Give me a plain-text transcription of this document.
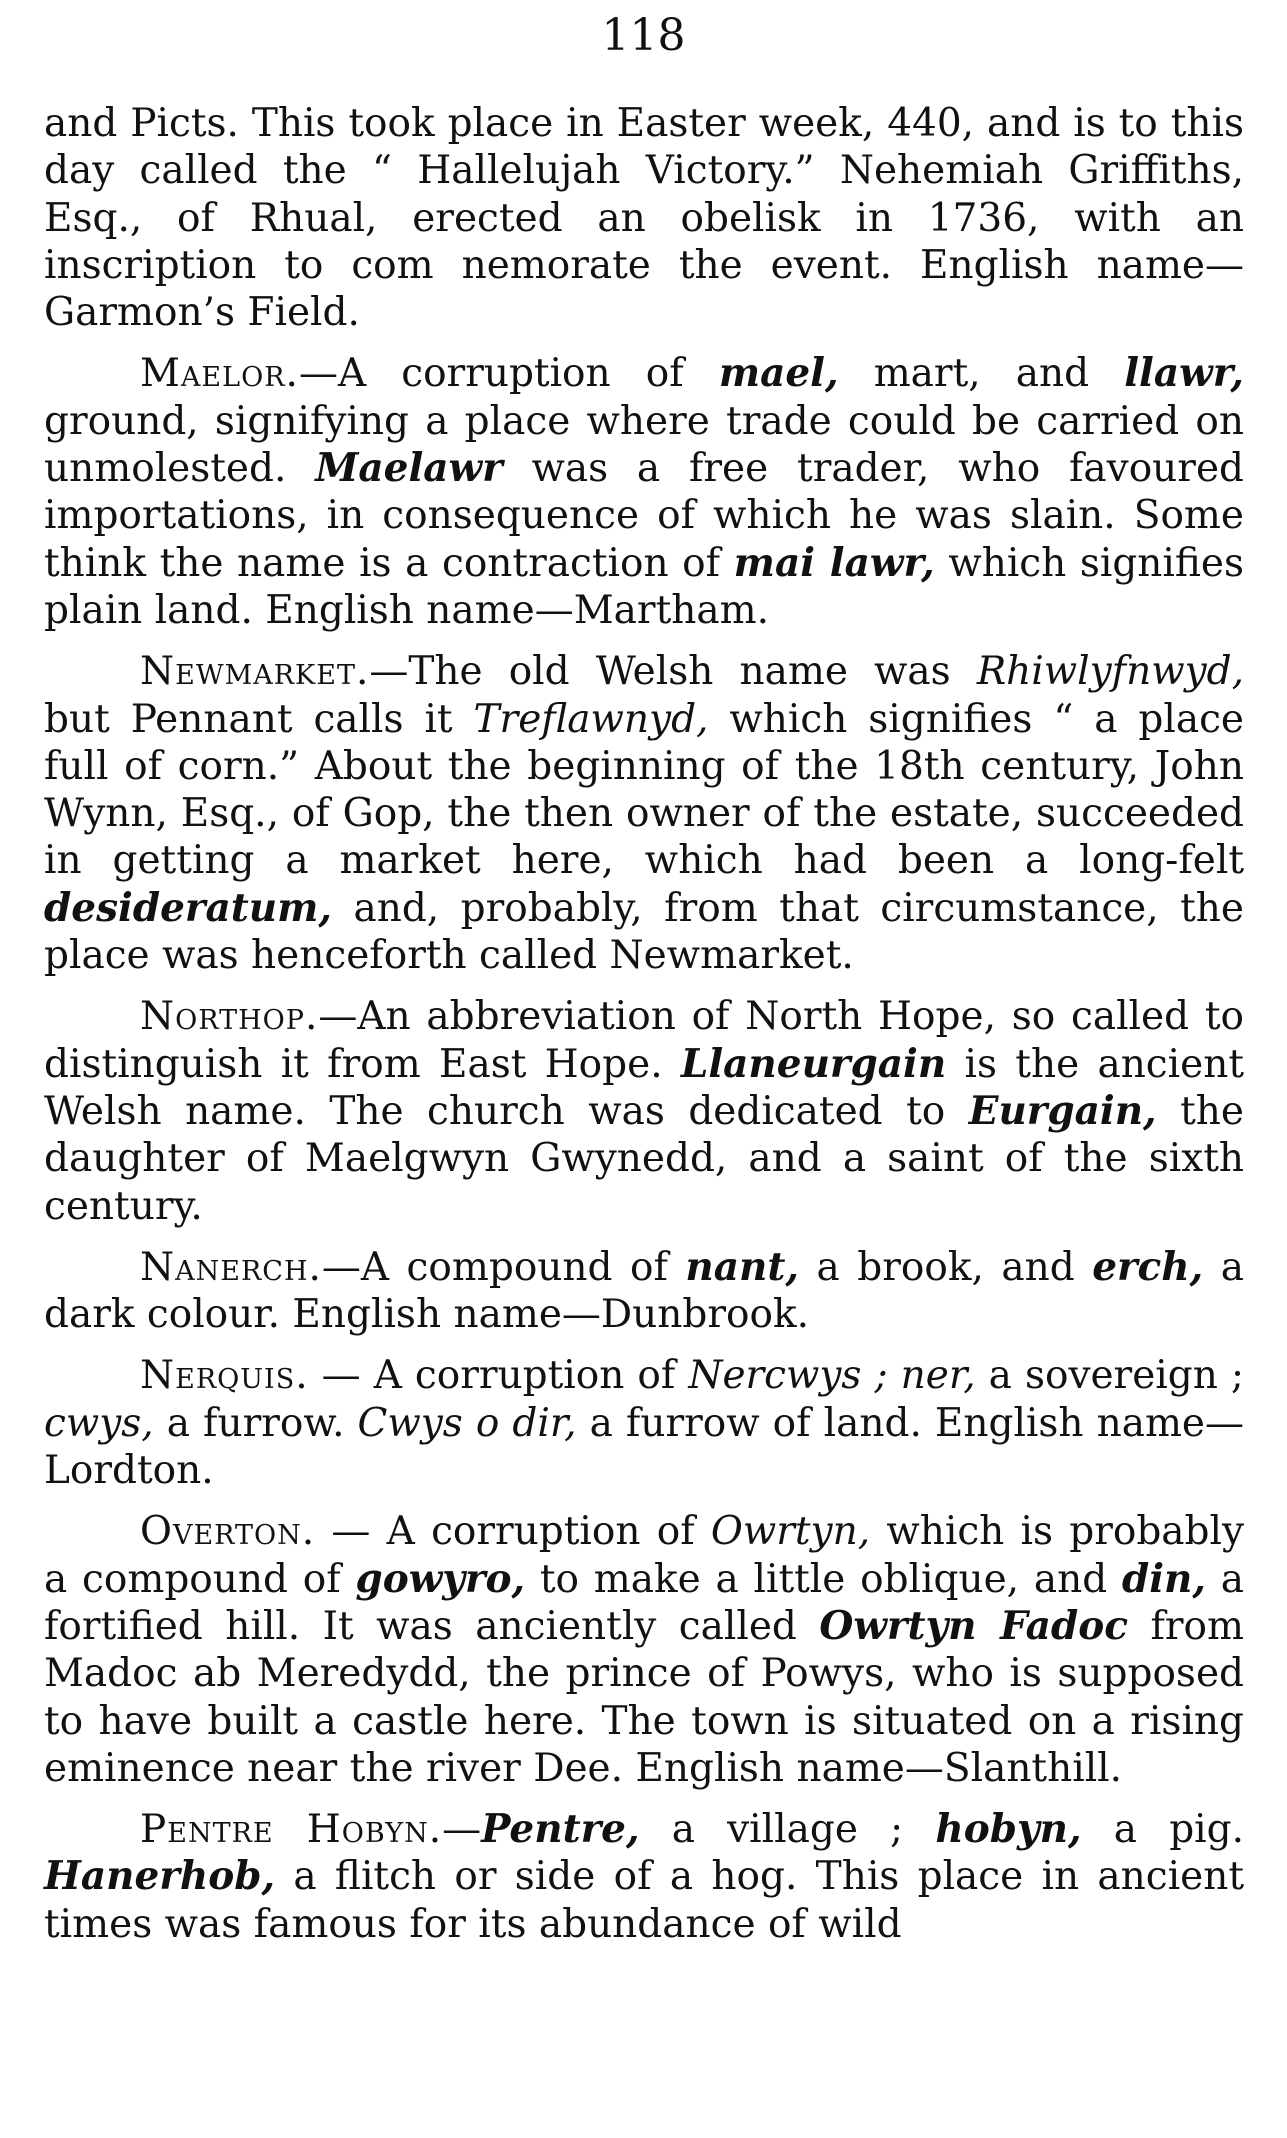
118

and Picts. This took place in Easter week, 440, and is to this day called the “ Hallelujah Victory.” Nehemiah Griffiths, Esq., of Rhual, erected an obelisk in 1736, with an inscription to com nemorate the event. English name—Garmon’s Field.

Maelor.—A corruption of mael, mart, and llawr, ground, signifying a place where trade could be carried on unmolested. Maelawr was a free trader, who favoured importations, in consequence of which he was slain. Some think the name is a contraction of mai lawr, which signifies plain land. English name—Martham.

Newmarket.—The old Welsh name was Rhiwlyfnwyd, but Pennant calls it Treflawnyd, which signifies “ a place full of corn.” About the beginning of the 18th century, John Wynn, Esq., of Gop, the then owner of the estate, succeeded in getting a market here, which had been a long-felt desideratum, and, probably, from that circumstance, the place was henceforth called Newmarket.

Northop.—An abbreviation of North Hope, so called to distinguish it from East Hope. Llaneurgain is the ancient Welsh name. The church was dedicated to Eurgain, the daughter of Maelgwyn Gwynedd, and a saint of the sixth century.

Nanerch.—A compound of nant, a brook, and erch, a dark colour. English name—Dunbrook.

Nerquis. — A corruption of Nercwys ; ner, a sovereign ; cwys, a furrow. Cwys o dir, a furrow of land. English name—Lordton.

Overton. — A corruption of Owrtyn, which is probably a compound of gowyro, to make a little oblique, and din, a fortified hill. It was anciently called Owrtyn Fadoc from Madoc ab Meredydd, the prince of Powys, who is supposed to have built a castle here. The town is situated on a rising eminence near the river Dee. English name—Slanthill.

Pentre Hobyn.—Pentre, a village ; hobyn, a pig. Hanerhob, a flitch or side of a hog. This place in ancient times was famous for its abundance of wild
